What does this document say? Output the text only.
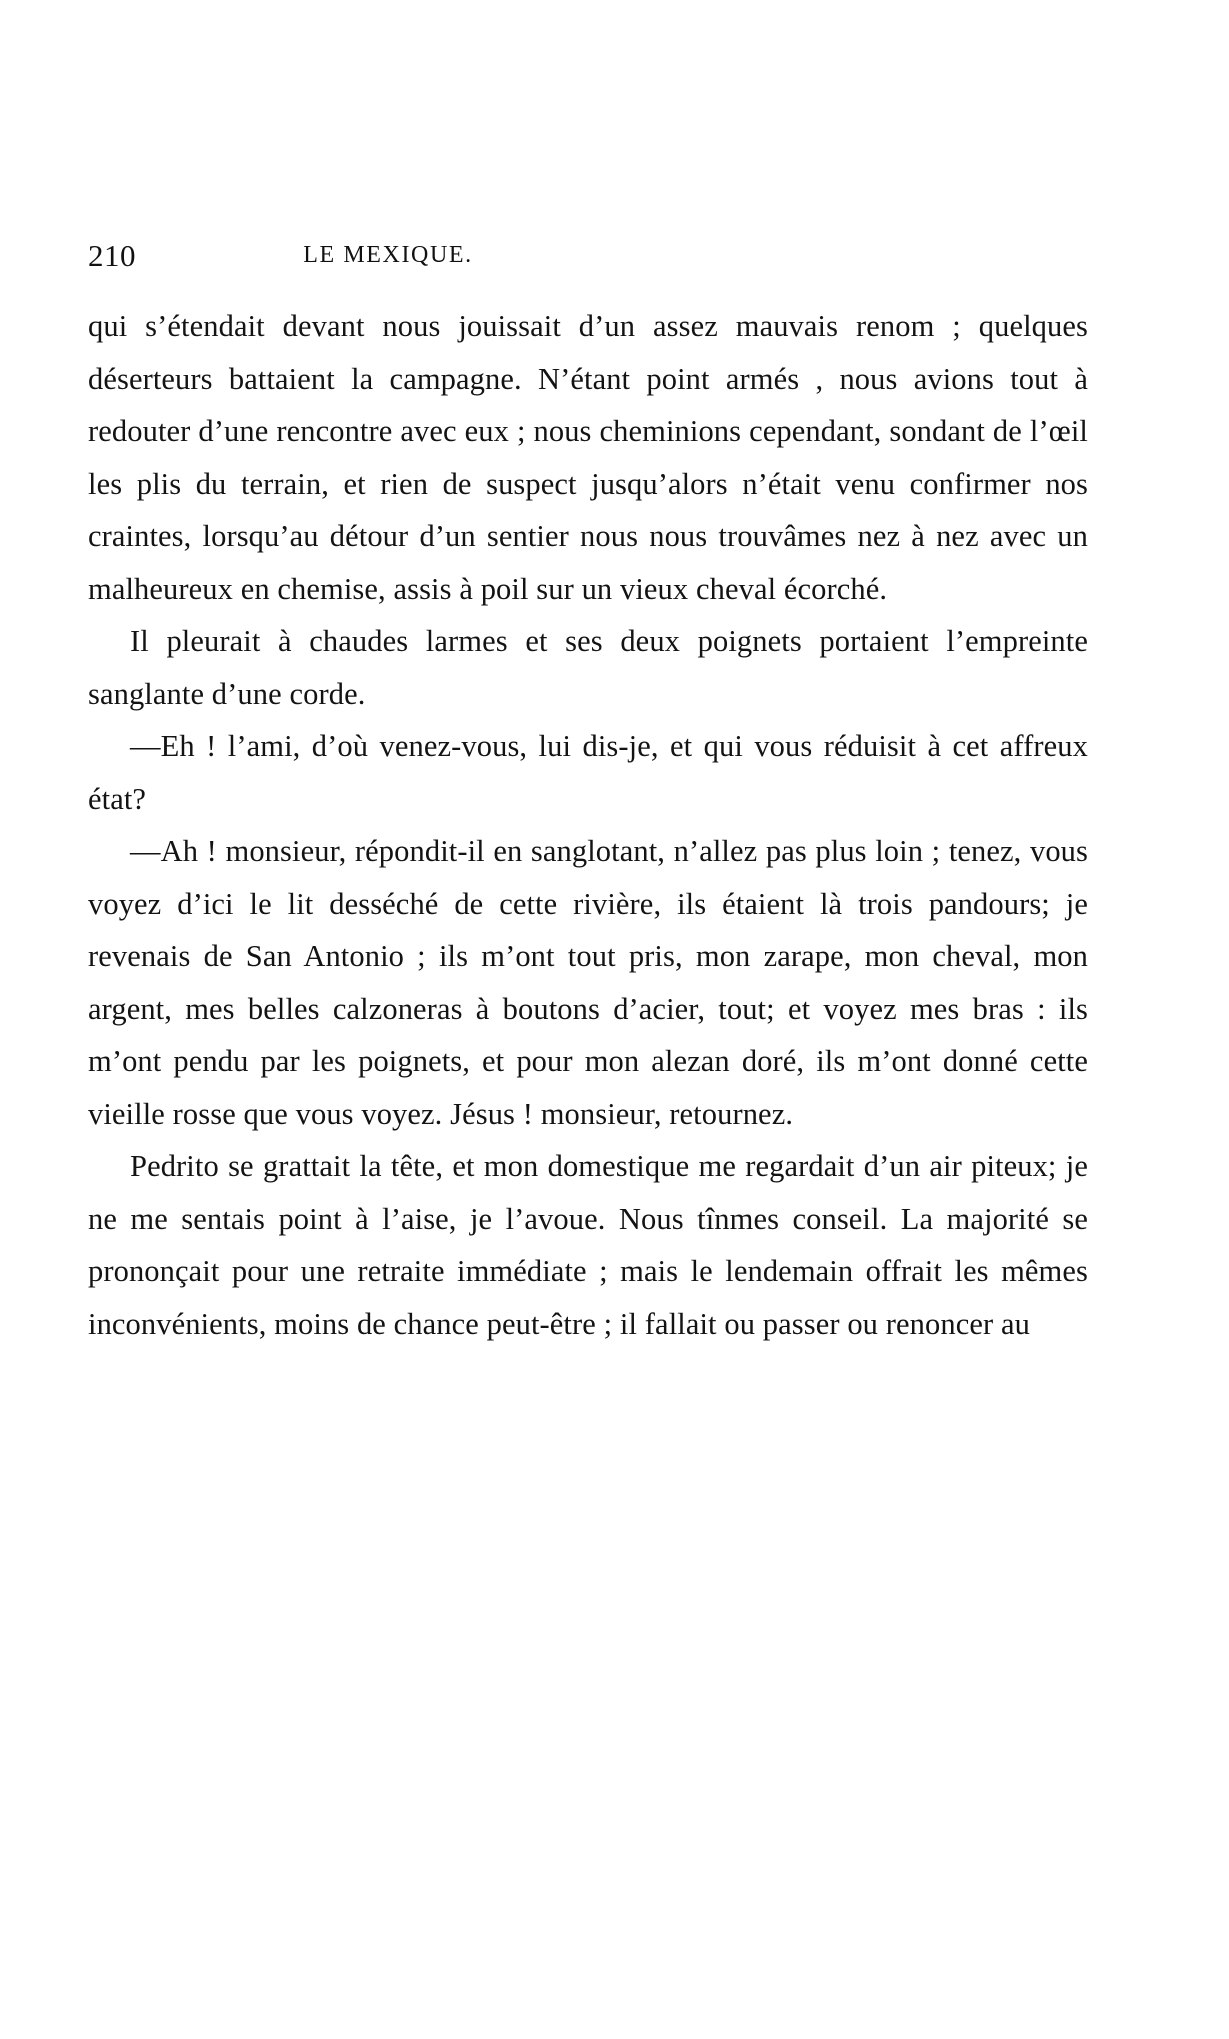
210	LE MEXIQUE.

qui s’étendait devant nous jouissait d’un assez mauvais renom ; quelques déserteurs battaient la campagne. N’étant point armés , nous avions tout à redouter d’une rencontre avec eux ; nous cheminions cependant, sondant de l’œil les plis du terrain, et rien de suspect jusqu’alors n’était venu confirmer nos craintes, lorsqu’au détour d’un sentier nous nous trouvâmes nez à nez avec un malheureux en chemise, assis à poil sur un vieux cheval écorché.

Il pleurait à chaudes larmes et ses deux poignets portaient l’empreinte sanglante d’une corde.

—Eh ! l’ami, d’où venez-vous, lui dis-je, et qui vous réduisit à cet affreux état?

—Ah ! monsieur, répondit-il en sanglotant, n’allez pas plus loin ; tenez, vous voyez d’ici le lit desséché de cette rivière, ils étaient là trois pandours; je revenais de San Antonio ; ils m’ont tout pris, mon zarape, mon cheval, mon argent, mes belles calzoneras à boutons d’acier, tout; et voyez mes bras : ils m’ont pendu par les poignets, et pour mon alezan doré, ils m’ont donné cette vieille rosse que vous voyez. Jésus ! monsieur, retournez.

Pedrito se grattait la tête, et mon domestique me regardait d’un air piteux; je ne me sentais point à l’aise, je l’avoue. Nous tînmes conseil. La majorité se prononçait pour une retraite immédiate ; mais le lendemain offrait les mêmes inconvénients, moins de chance peut-être ; il fallait ou passer ou renoncer au
